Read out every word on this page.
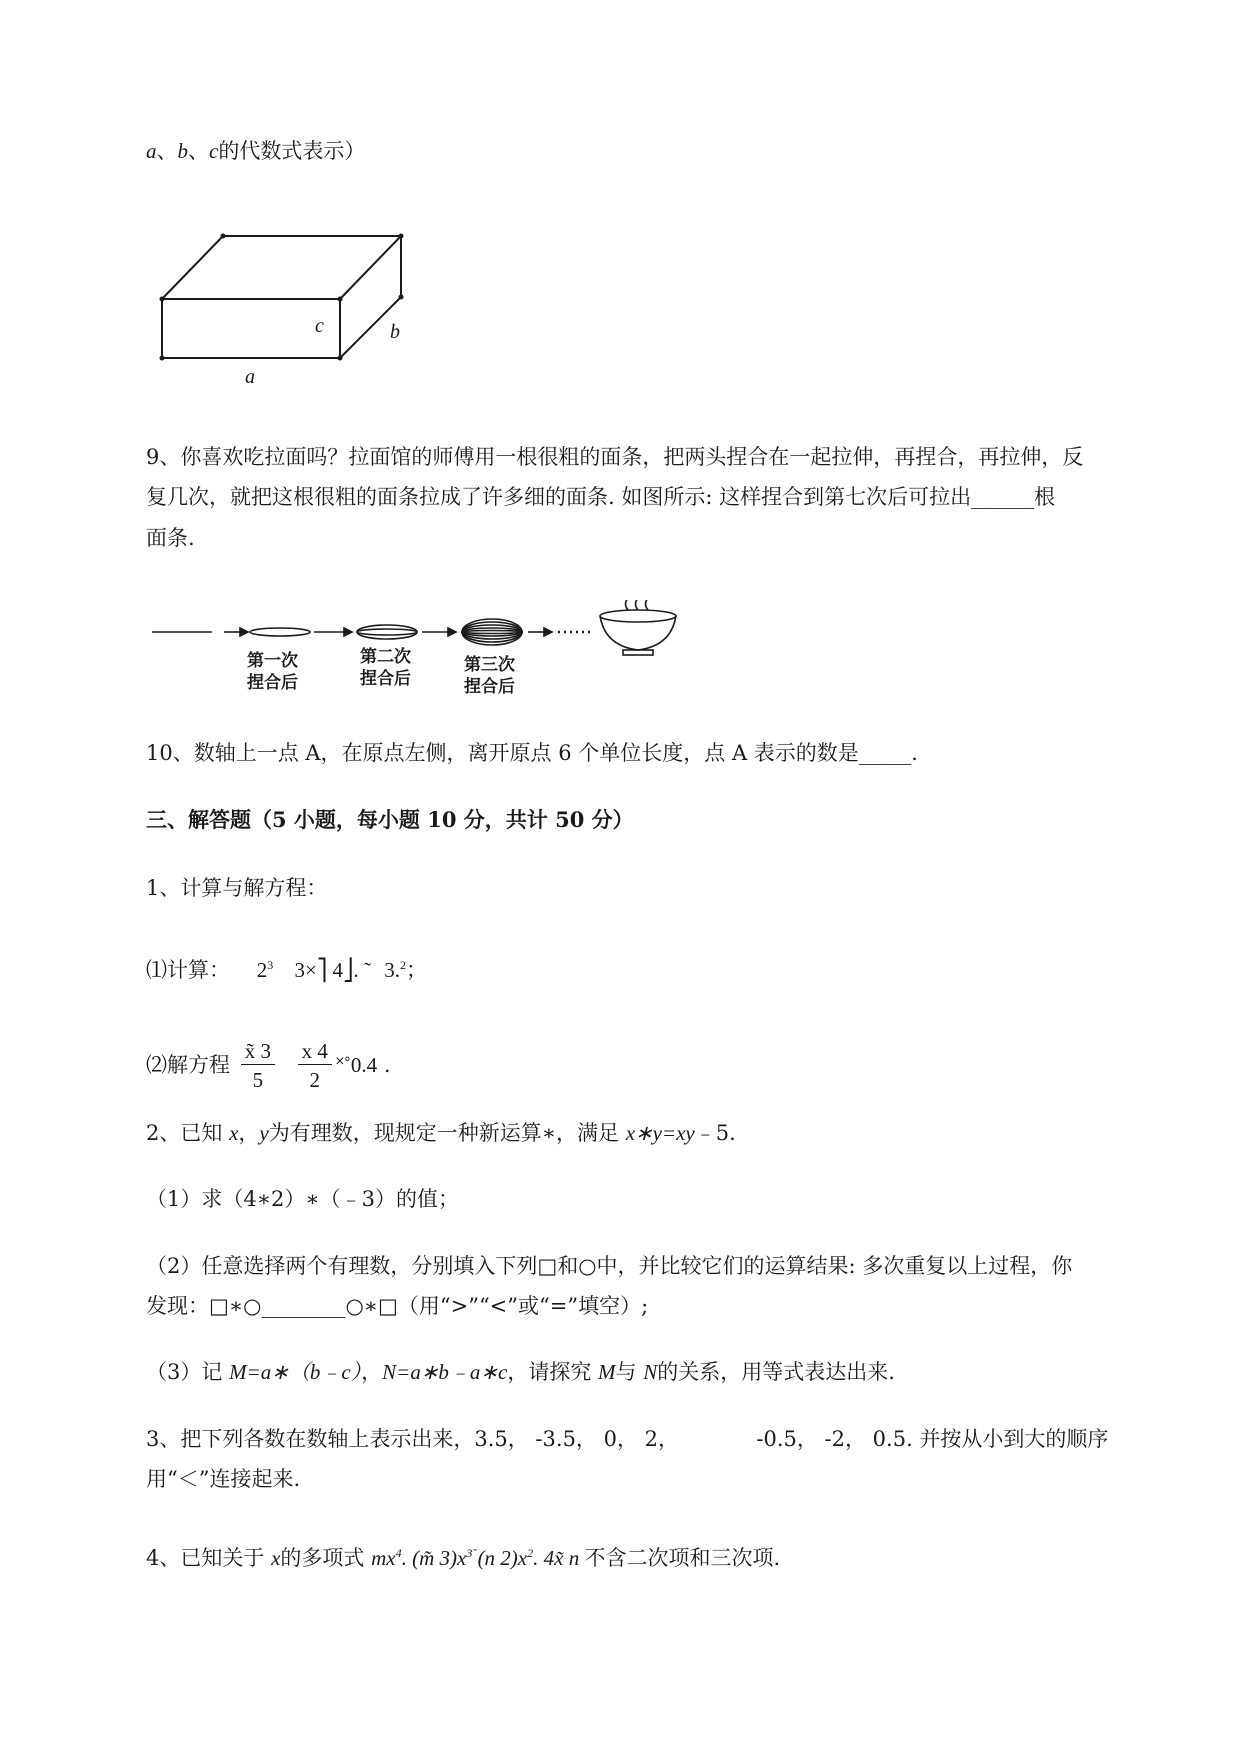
a、b、c的代数式表示）
c	b
a
9、你喜欢吃拉面吗？拉面馆的师傅用一根很粗的面条，把两头捏合在一起拉伸，再捏合，再拉伸，反
复几次，就把这根很粗的面条拉成了许多细的面条. 如图所示: 这样捏合到第七次后可拉出______根
面条.
第一次
捏合后
第二次
捏合后
第三次
捏合后
10、数轴上一点 A，在原点左侧，离开原点 6 个单位长度，点 A 表示的数是_____.
三、解答题（5 小题，每小题 10 分，共计 50 分）
1、计算与解方程：
⑴计算： $2^3$ 3×⎤ 4⎦. ˜ 3.$^2$；
⑵解方程 $\frac{x̃ 3}{5}$
$\frac{x 4}{2}$ ˟˚0.4 .
2、已知 x，y为有理数，现规定一种新运算∗，满足 x∗y=xy﹣5.
（1）求（4∗2）∗（﹣3）的值；
（2）任意选择两个有理数，分别填入下列□和○中，并比较它们的运算结果: 多次重复以上过程，你
发现：□∗○________○∗□（用“>”“<”或“=”填空）;
（3）记 M=a∗（b﹣c），N=a∗b﹣a∗c，请探究 M与 N的关系，用等式表达出来.
3、把下列各数在数轴上表示出来，3.5， -3.5， 0， 2，	-0.5， -2， 0.5. 并按从小到大的顺序
用“＜”连接起来.
4、已知关于 x的多项式 $mx^4$. (m̃ $3)x^{3̃}$ (n $2)x^2$. 4x̃ n 不含二次项和三次项.
